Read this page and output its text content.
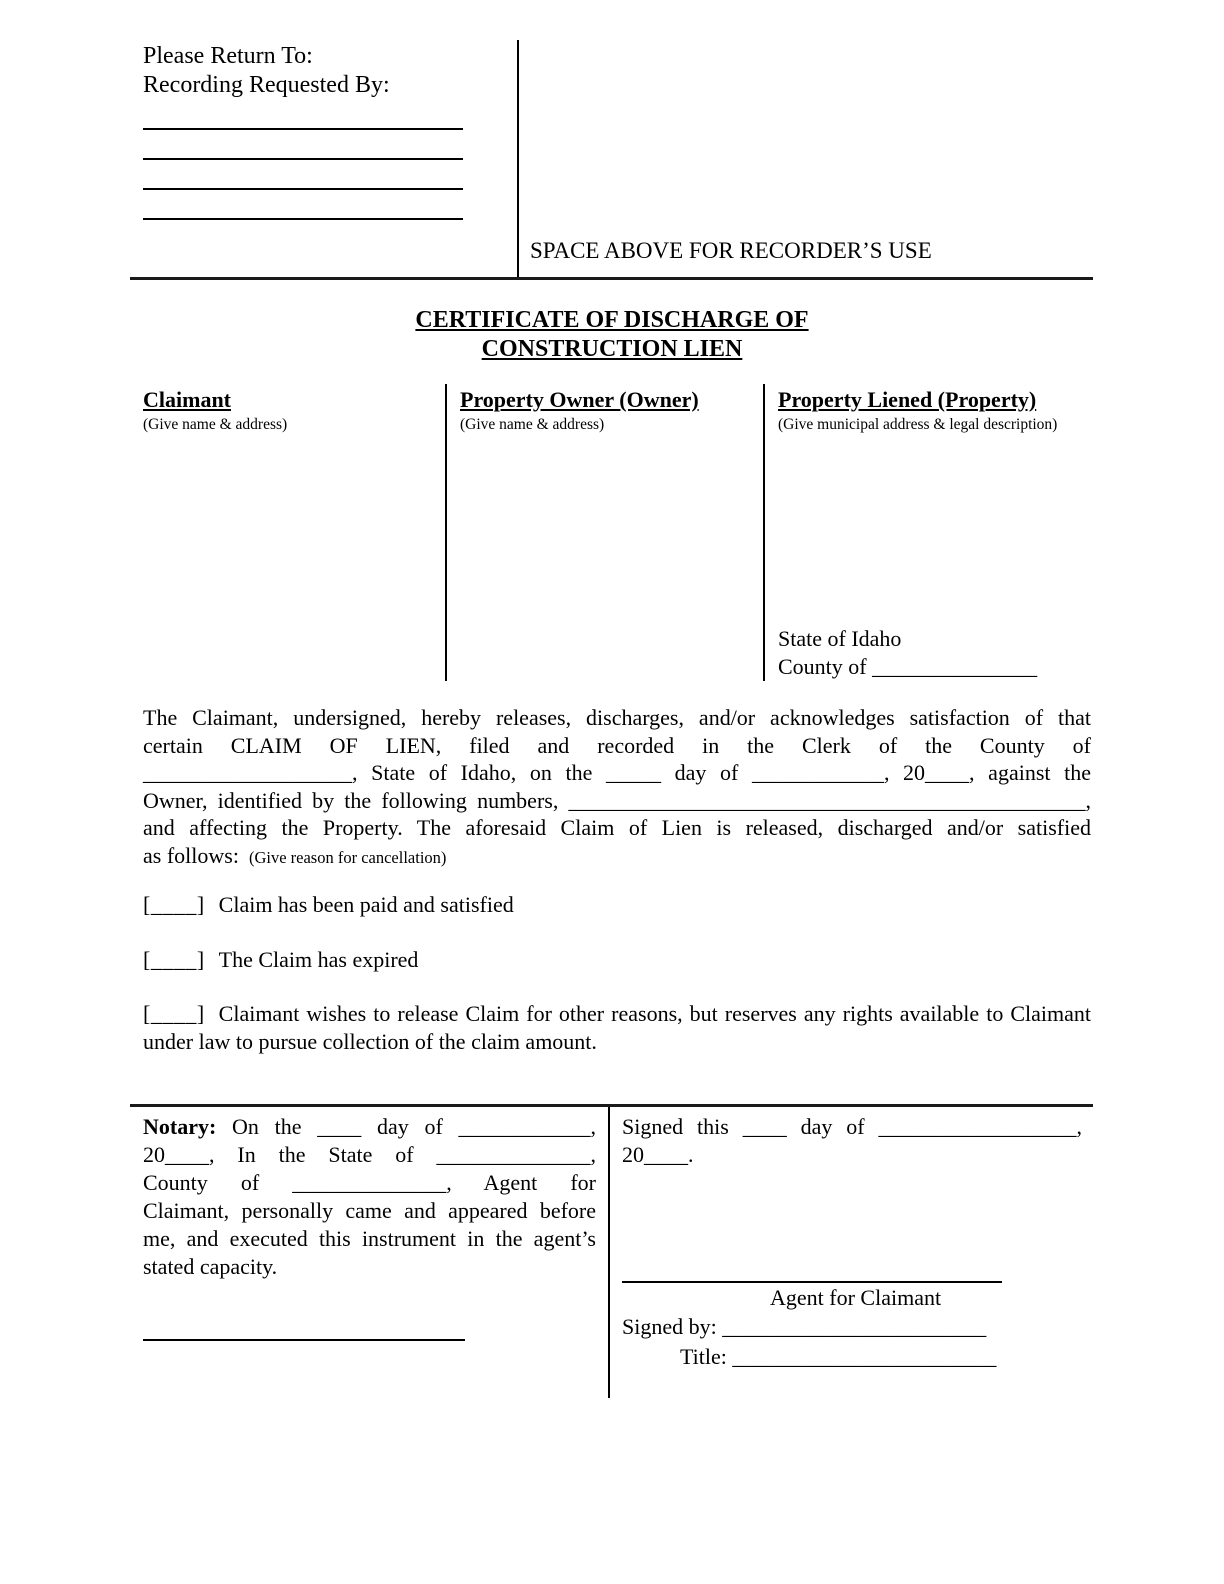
Please Return To:
Recording Requested By:
SPACE ABOVE FOR RECORDER’S USE
CERTIFICATE OF DISCHARGE OF
CONSTRUCTION LIEN
Claimant
(Give name & address)
Property Owner (Owner)
(Give name & address)
Property Liened (Property)
(Give municipal address & legal description)
State of Idaho
County of _______________
The Claimant, undersigned, hereby releases, discharges, and/or acknowledges satisfaction of that
certain CLAIM OF LIEN, filed and recorded in the Clerk of the County of
___________________, State of Idaho, on the _____ day of ____________, 20____, against the
Owner, identified by the following numbers, _______________________________________________,
and affecting the Property. The aforesaid Claim of Lien is released, discharged and/or satisfied
as follows: (Give reason for cancellation)
[____] Claim has been paid and satisfied
[____] The Claim has expired
[____] Claimant wishes to release Claim for other reasons, but reserves any rights available to Claimant under law to pursue collection of the claim amount.
Notary: On the ____ day of ____________,
20____, In the State of ______________,
County of ______________, Agent for
Claimant, personally came and appeared before
me, and executed this instrument in the agent’s
stated capacity.
Signed this ____ day of __________________, 20____.
Agent for Claimant
Signed by: ________________________
Title: ________________________
